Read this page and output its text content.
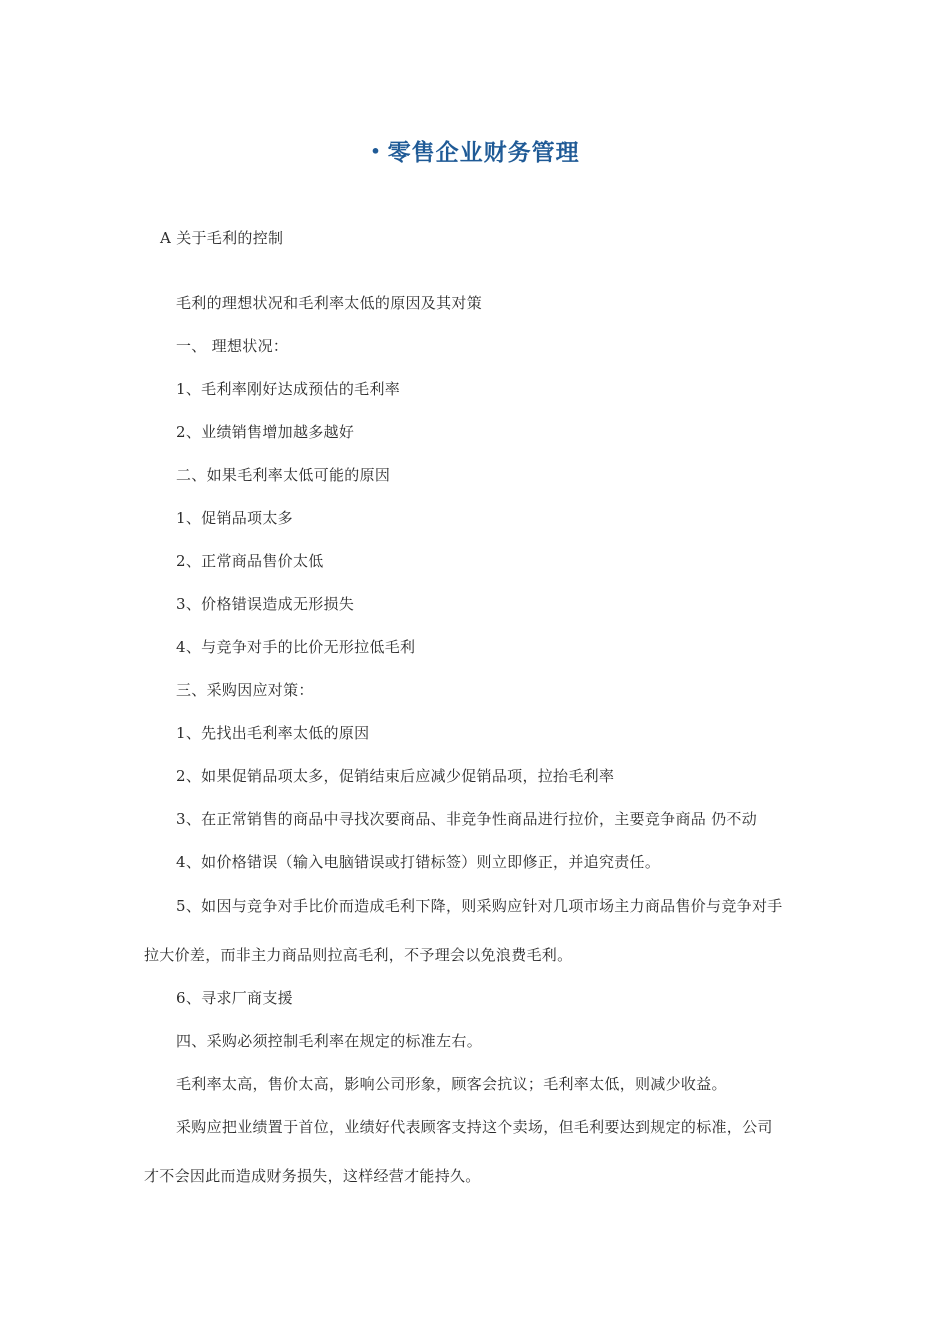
• 零售企业财务管理
A 关于毛利的控制
毛利的理想状况和毛利率太低的原因及其对策
一、 理想状况：
1、毛利率刚好达成预估的毛利率
2、业绩销售增加越多越好
二、如果毛利率太低可能的原因
1、促销品项太多
2、正常商品售价太低
3、价格错误造成无形损失
4、与竞争对手的比价无形拉低毛利
三、采购因应对策：
1、先找出毛利率太低的原因
2、如果促销品项太多，促销结束后应减少促销品项，拉抬毛利率
3、在正常销售的商品中寻找次要商品、非竞争性商品进行拉价，主要竞争商品 仍不动
4、如价格错误（输入电脑错误或打错标签）则立即修正，并追究责任。
5、如因与竞争对手比价而造成毛利下降，则采购应针对几项市场主力商品售价与竞争对手
拉大价差，而非主力商品则拉高毛利，不予理会以免浪费毛利。
6、寻求厂商支援
四、采购必须控制毛利率在规定的标准左右。
毛利率太高，售价太高，影响公司形象，顾客会抗议；毛利率太低，则减少收益。
采购应把业绩置于首位，业绩好代表顾客支持这个卖场，但毛利要达到规定的标准，公司
才不会因此而造成财务损失，这样经营才能持久。
